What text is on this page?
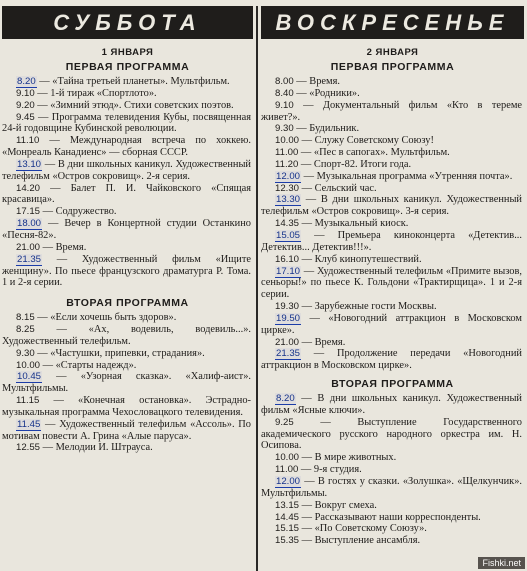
СУББОТА
1 ЯНВАРЯ
ПЕРВАЯ ПРОГРАММА
8.20 — «Тайна третьей планеты». Мультфильм.
9.10 — 1-й тираж «Спортлото».
9.20 — «Зимний этюд». Стихи советских поэтов.
9.45 — Программа телевидения Кубы, посвященная 24-й годовщине Кубинской революции.
11.10 — Международная встреча по хоккею. «Монреаль Канадиенс» — сборная СССР.
13.10 — В дни школьных каникул. Художественный телефильм «Остров сокровищ». 2-я серия.
14.20 — Балет П. И. Чайковского «Спящая красавица».
17.15 — Содружество.
18.00 — Вечер в Концертной студии Останкино «Песня-82».
21.00 — Время.
21.35 — Художественный фильм «Ищите женщину». По пьесе французского драматурга Р. Тома. 1 и 2-я серии.
ВТОРАЯ ПРОГРАММА
8.15 — «Если хочешь быть здоров».
8.25 — «Ах, водевиль, водевиль...». Художественный телефильм.
9.30 — «Частушки, припевки, страдания».
10.00 — «Старты надежд».
10.45 — «Узорная сказка». «Халиф-аист». Мультфильмы.
11.15 — «Конечная остановка». Эстрадно-музыкальная программа Чехословацкого телевидения.
11.45 — Художественный телефильм «Ассоль». По мотивам повести А. Грина «Алые паруса».
12.55 — Мелодии И. Штрауса.
ВОСКРЕСЕНЬЕ
2 ЯНВАРЯ
ПЕРВАЯ ПРОГРАММА
8.00 — Время.
8.40 — «Родники».
9.10 — Документальный фильм «Кто в тереме живет?».
9.30 — Будильник.
10.00 — Служу Советскому Союзу!
11.00 — «Пес в сапогах». Мультфильм.
11.20 — Спорт-82. Итоги года.
12.00 — Музыкальная программа «Утренняя почта».
12.30 — Сельский час.
13.30 — В дни школьных каникул. Художественный телефильм «Остров сокровищ». 3-я серия.
14.35 — Музыкальный киоск.
15.05 — Премьера киноконцерта «Детектив... Детектив... Детектив!!!».
16.10 — Клуб кинопутешествий.
17.10 — Художественный телефильм «Примите вызов, сеньоры!» по пьесе К. Гольдони «Трактирщица». 1 и 2-я серии.
19.30 — Зарубежные гости Москвы.
19.50 — «Новогодний аттракцион в Московском цирке».
21.00 — Время.
21.35 — Продолжение передачи «Новогодний аттракцион в Московском цирке».
ВТОРАЯ ПРОГРАММА
8.20 — В дни школьных каникул. Художественный фильм «Ясные ключи».
9.25 — Выступление Государственного академического русского народного оркестра им. Н. Осипова.
10.00 — В мире животных.
11.00 — 9-я студия.
12.00 — В гостях у сказки. «Золушка». «Щелкунчик». Мультфильмы.
13.15 — Вокруг смеха.
14.45 — Рассказывают наши корреспонденты.
15.15 — «По Советскому Союзу».
15.35 — Выступление ансамбля.
Fishki.net
